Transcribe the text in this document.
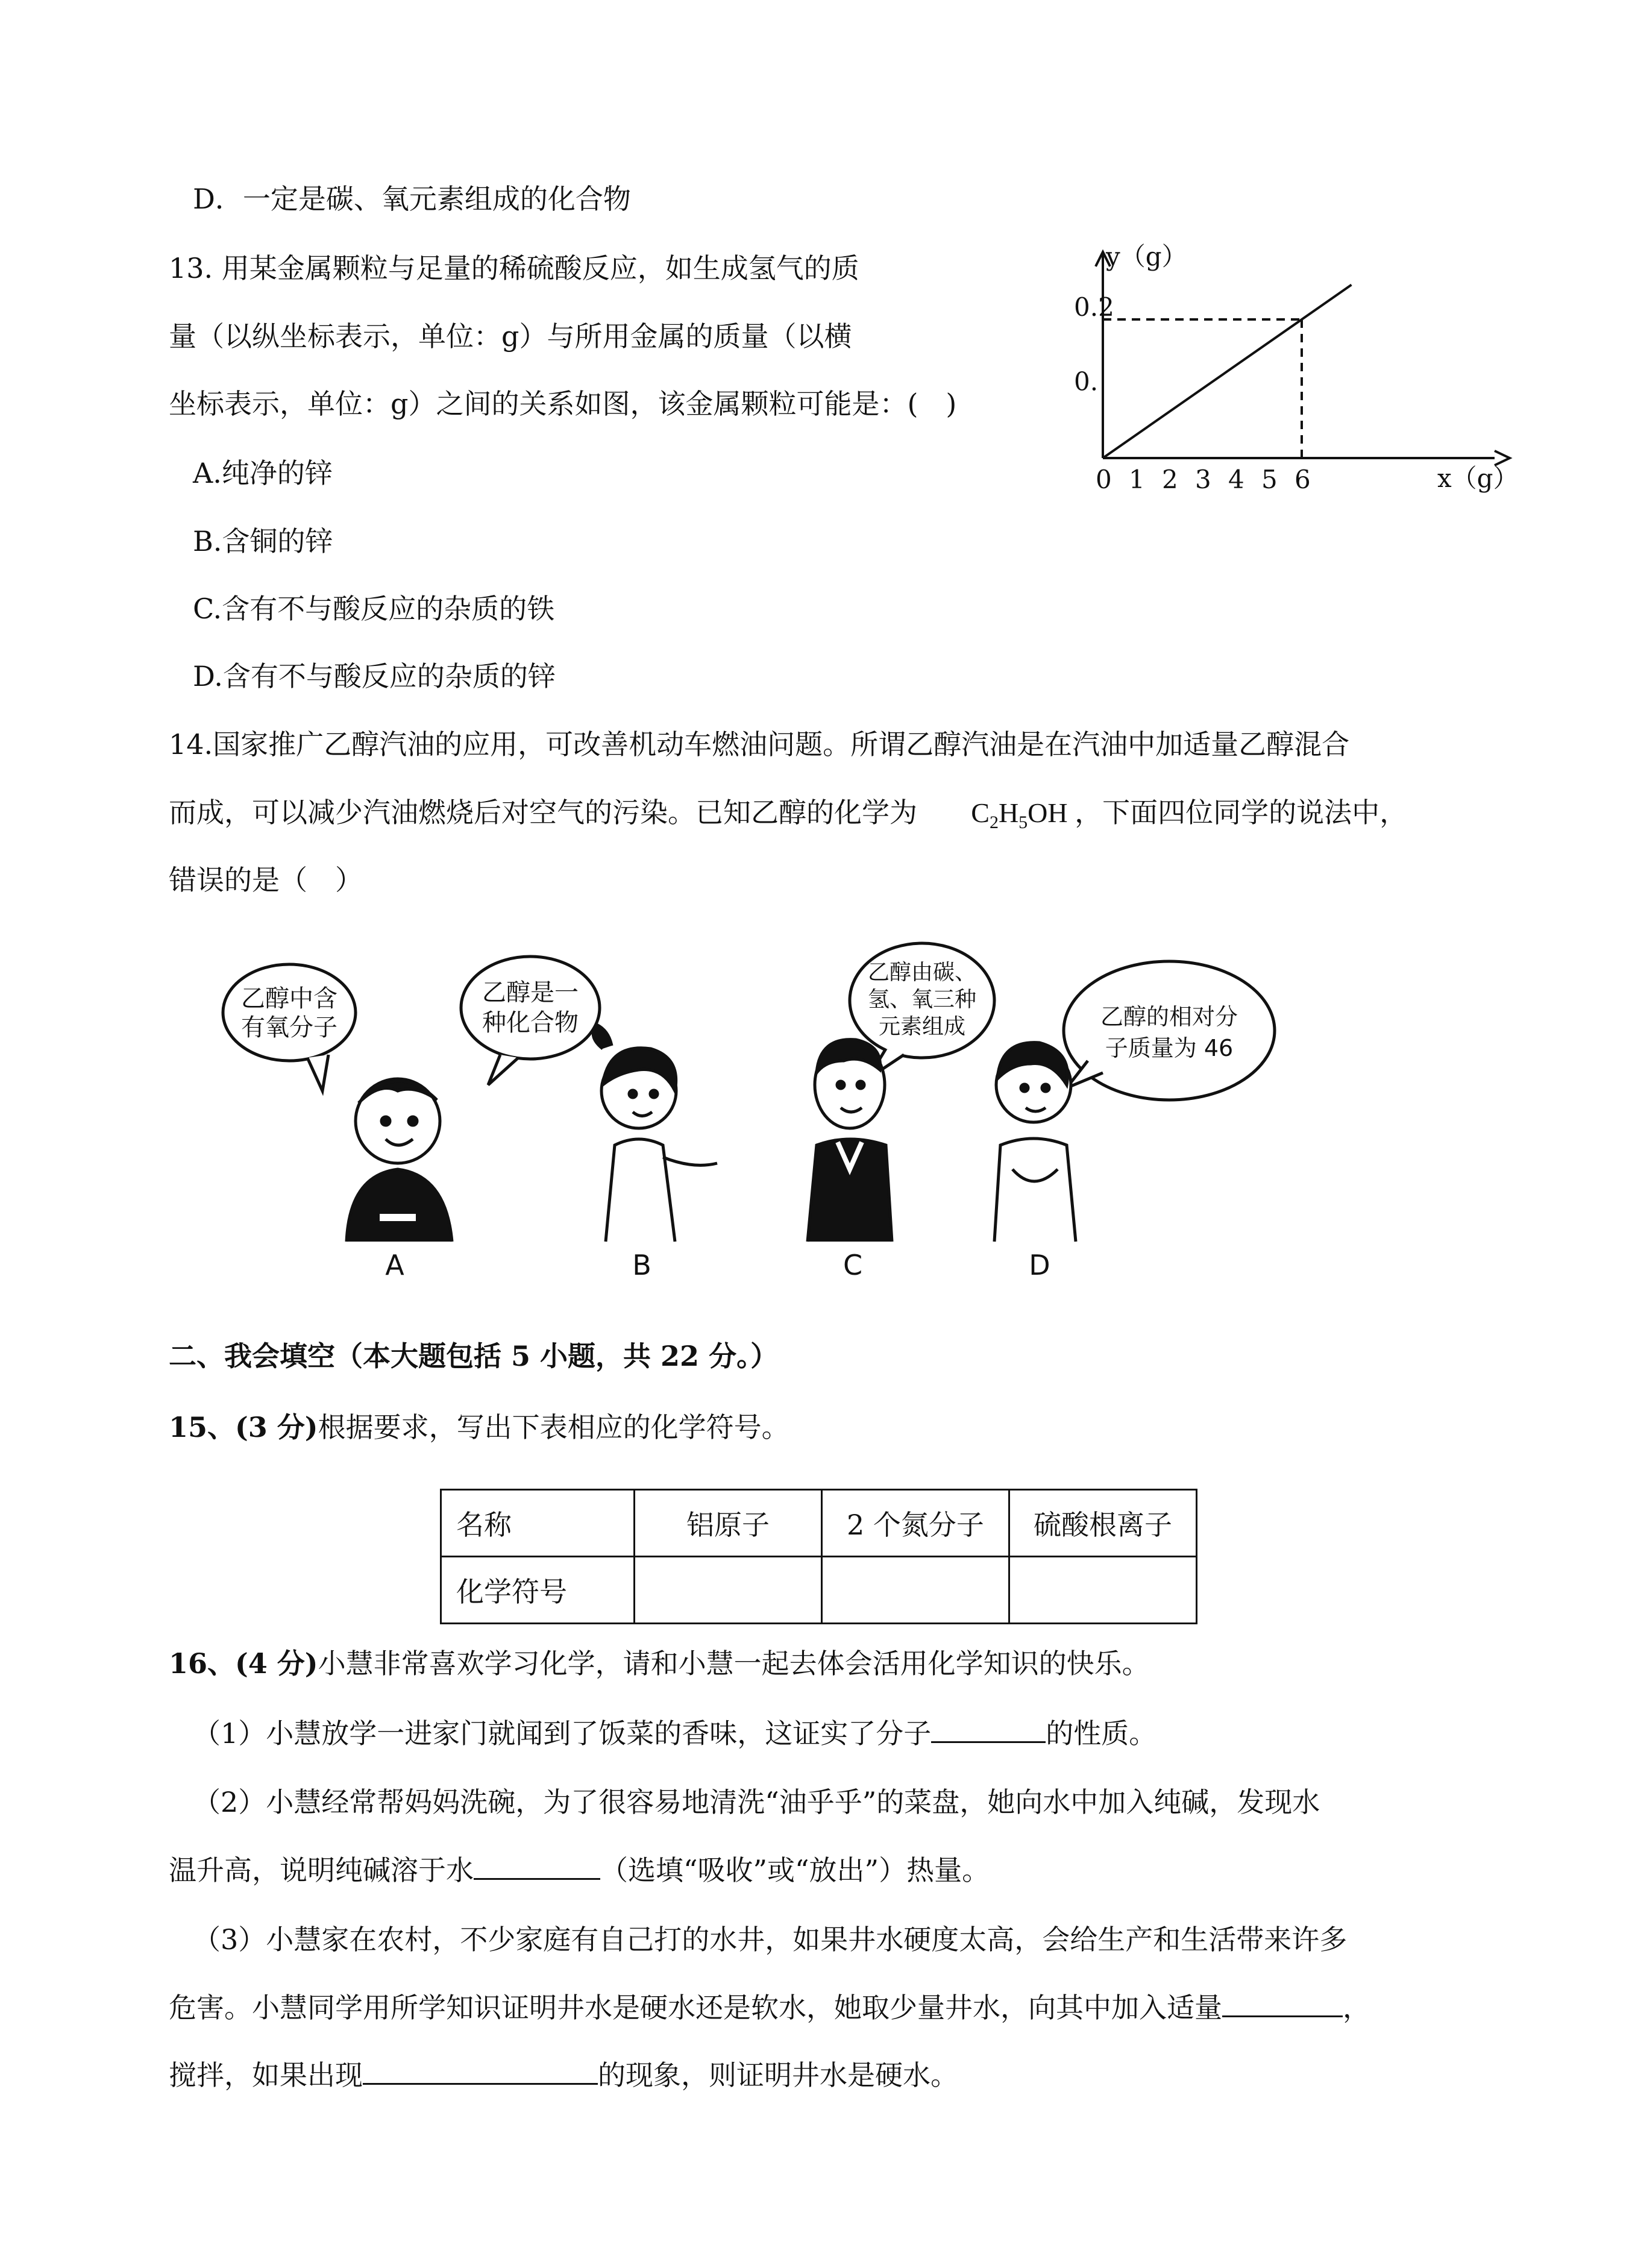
D．一定是碳、氧元素组成的化合物
13. 用某金属颗粒与足量的稀硫酸反应，如生成氢气的质
量（以纵坐标表示，单位：g）与所用金属的质量（以横
坐标表示，单位：g）之间的关系如图，该金属颗粒可能是：(　)
A.纯净的锌
B.含铜的锌
C.含有不与酸反应的杂质的铁
D.含有不与酸反应的杂质的锌
0.2
0.
0 1 2 3 4 5 6
y（g）
x（g）
14.国家推广乙醇汽油的应用，可改善机动车燃油问题。所谓乙醇汽油是在汽油中加适量乙醇混合
而成，可以减少汽油燃烧后对空气的污染。已知乙醇的化学为 $C_2H_5OH$ ，下面四位同学的说法中，
错误的是（　）
乙醇中含
有氧分子
A
乙醇是一
种化合物
B
乙醇由碳、
氢、氧三种
元素组成
C
乙醇的相对分
子质量为 46
D
二、我会填空（本大题包括 5 小题，共 22 分。）
15、(3 分)根据要求，写出下表相应的化学符号。
名称	铝原子	2 个氮分子	硫酸根离子
化学符号			
16、(4 分)小慧非常喜欢学习化学，请和小慧一起去体会活用化学知识的快乐。
（1）小慧放学一进家门就闻到了饭菜的香味，这证实了分子	的性质。
（2）小慧经常帮妈妈洗碗，为了很容易地清洗“油乎乎”的菜盘，她向水中加入纯碱，发现水
温升高，说明纯碱溶于水	（选填“吸收”或“放出”）热量。
（3）小慧家在农村，不少家庭有自己打的水井，如果井水硬度太高，会给生产和生活带来许多
危害。小慧同学用所学知识证明井水是硬水还是软水，她取少量井水，向其中加入适量	，
搅拌，如果出现	的现象，则证明井水是硬水。
